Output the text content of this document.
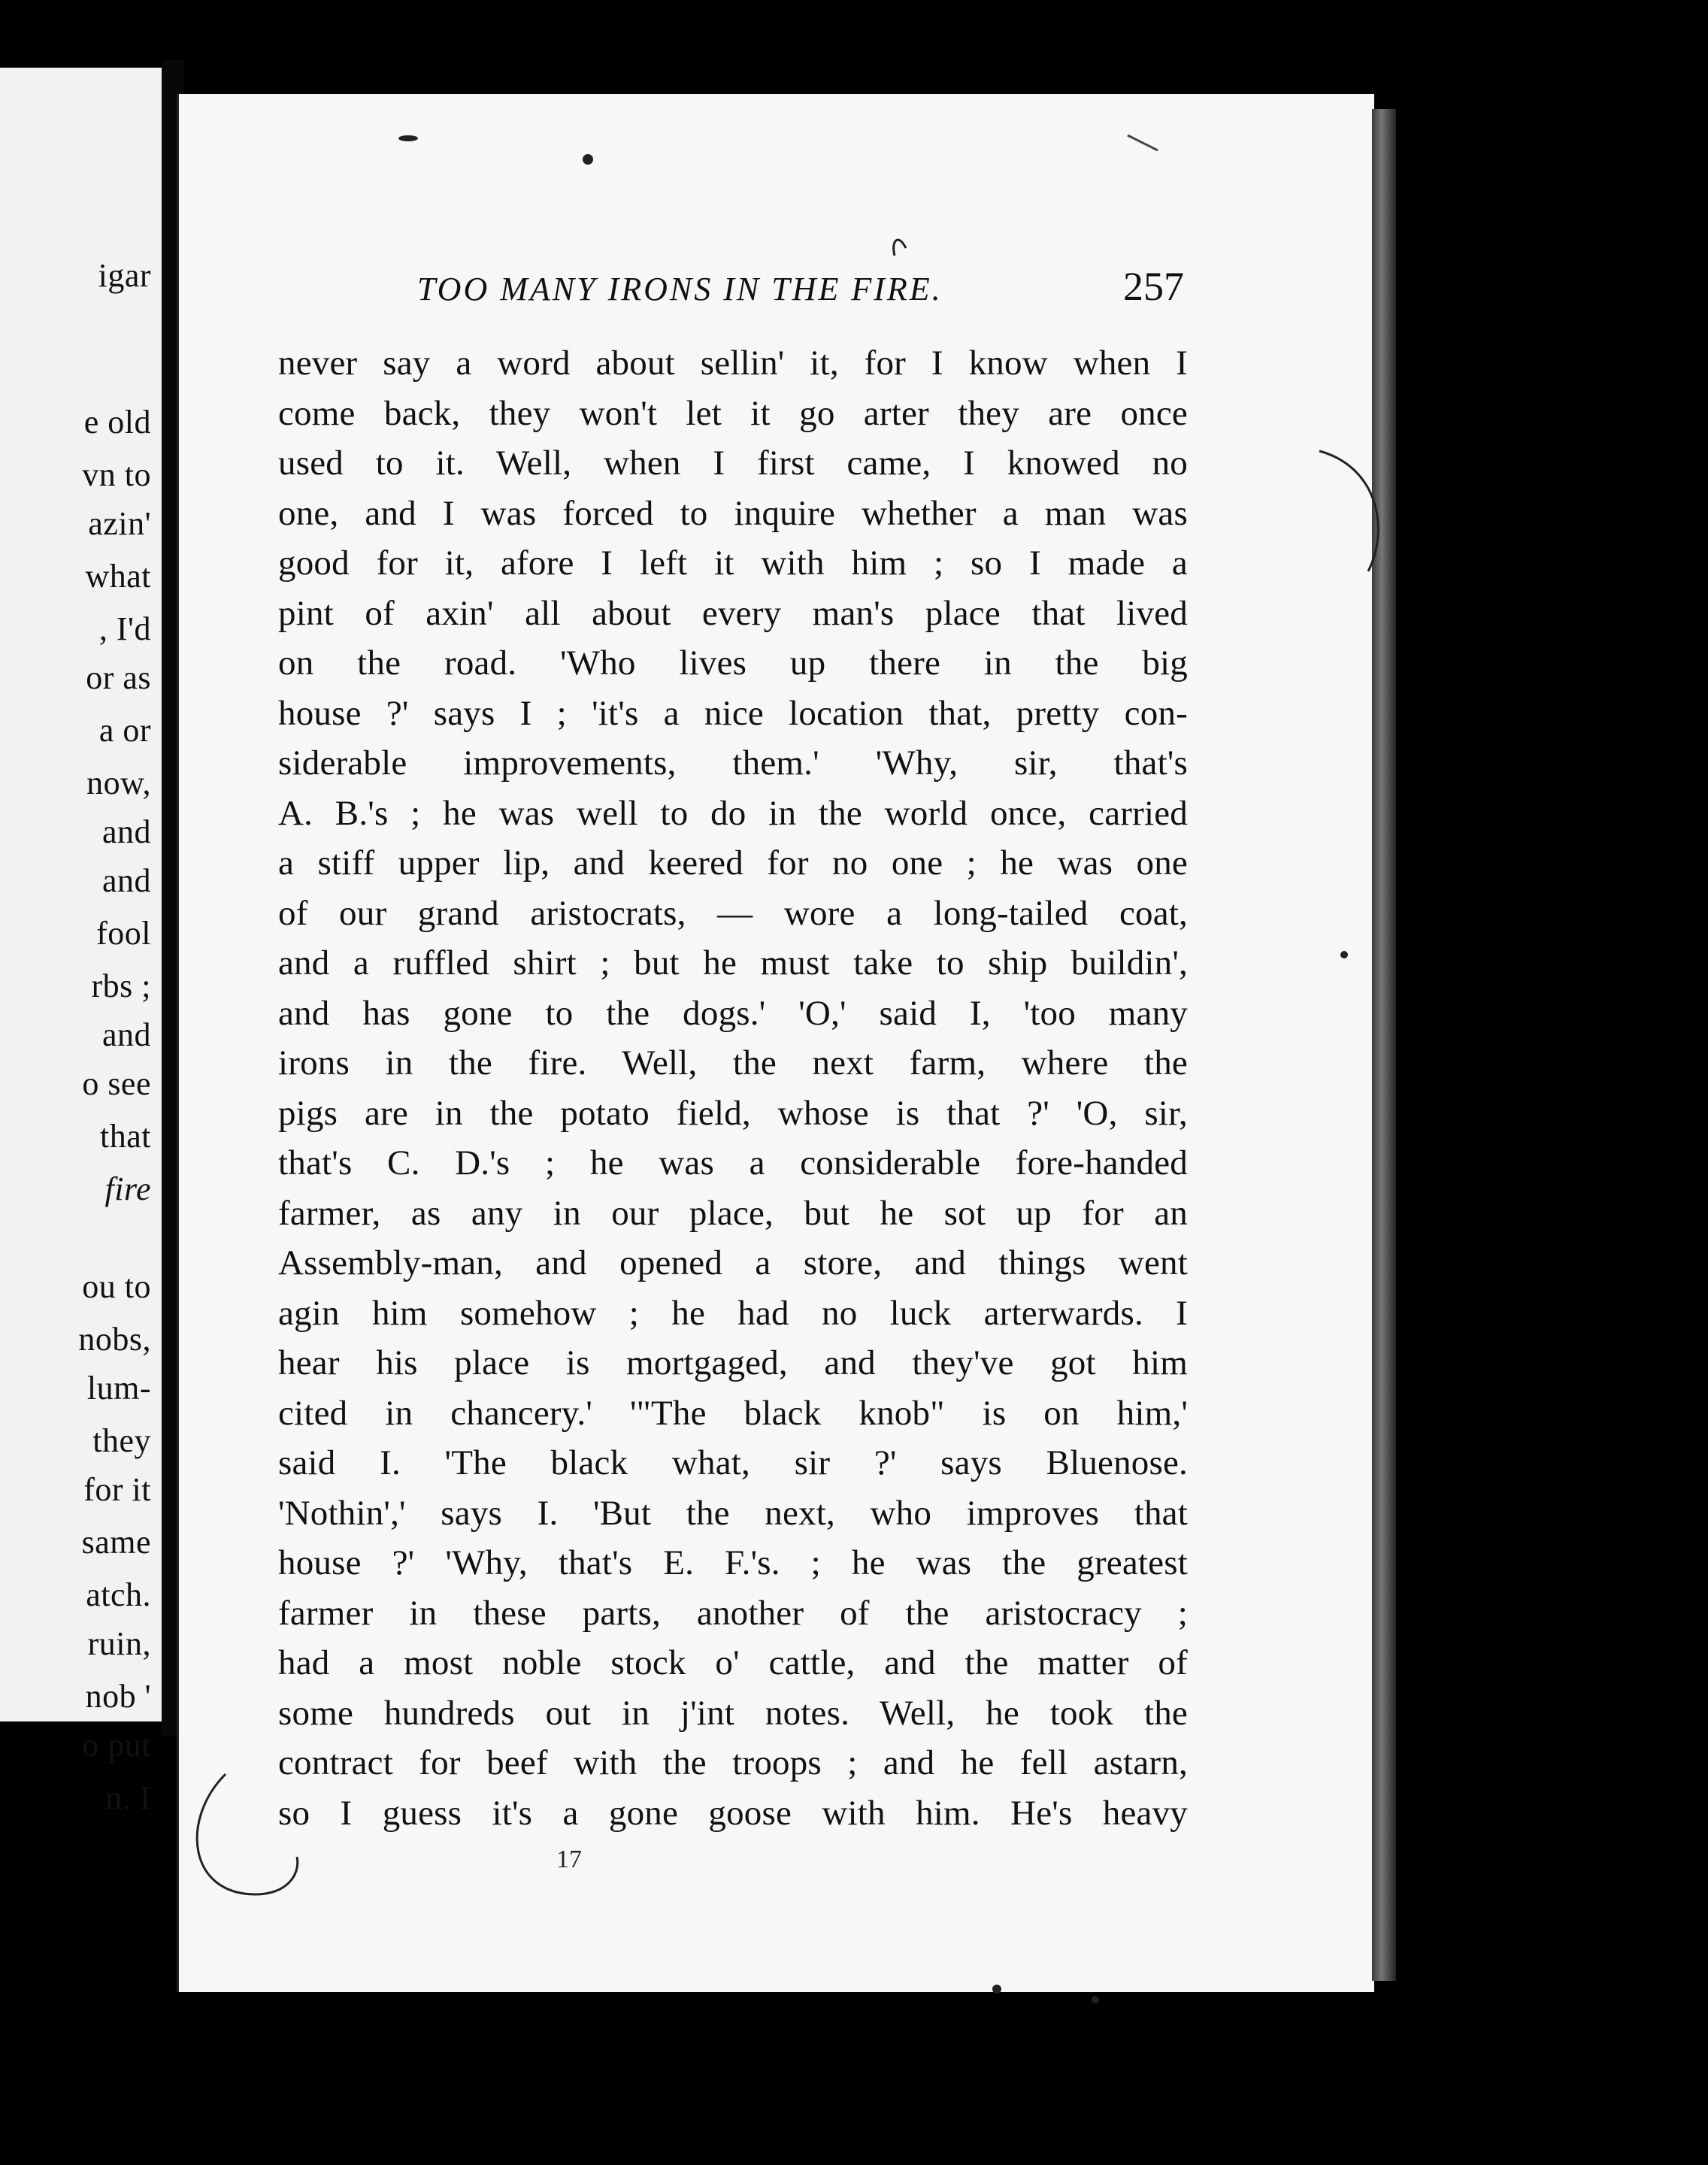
igar
e old
vn to
azin'
what
, I'd
or as
a or
now,
and
and
fool
rbs ;
and
o see
that
fire
ou to
nobs,
lum-
they
for it
same
atch.
ruin,
nob '
o put
n. I
TOO MANY IRONS IN THE FIRE.	257
never say a word about sellin' it, for I know when I
come back, they won't let it go arter they are once
used to it. Well, when I first came, I knowed no
one, and I was forced to inquire whether a man was
good for it, afore I left it with him ; so I made a
pint of axin' all about every man's place that lived
on the road. 'Who lives up there in the big
house ?' says I ; 'it's a nice location that, pretty con-
siderable improvements, them.' 'Why, sir, that's
A. B.'s ; he was well to do in the world once, carried
a stiff upper lip, and keered for no one ; he was one
of our grand aristocrats, — wore a long-tailed coat,
and a ruffled shirt ; but he must take to ship buildin',
and has gone to the dogs.' 'O,' said I, 'too many
irons in the fire. Well, the next farm, where the
pigs are in the potato field, whose is that ?' 'O, sir,
that's C. D.'s ; he was a considerable fore-handed
farmer, as any in our place, but he sot up for an
Assembly-man, and opened a store, and things went
agin him somehow ; he had no luck arterwards. I
hear his place is mortgaged, and they've got him
cited in chancery.' '"The black knob" is on him,'
said I. 'The black what, sir ?' says Bluenose.
'Nothin',' says I. 'But the next, who improves that
house ?' 'Why, that's E. F.'s. ; he was the greatest
farmer in these parts, another of the aristocracy ;
had a most noble stock o' cattle, and the matter of
some hundreds out in j'int notes. Well, he took the
contract for beef with the troops ; and he fell astarn,
so I guess it's a gone goose with him. He's heavy
17
